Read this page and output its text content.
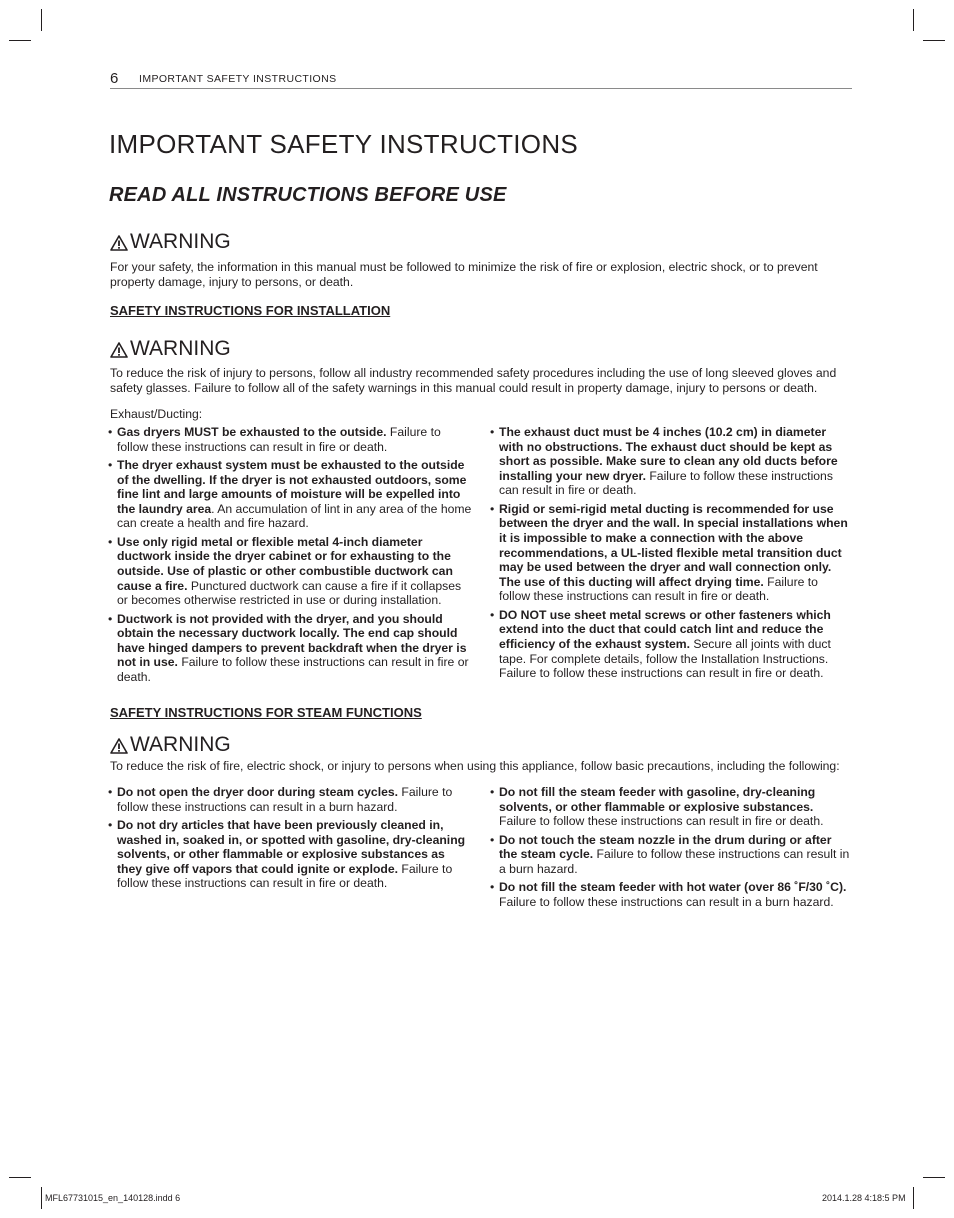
6 IMPORTANT SAFETY INSTRUCTIONS
IMPORTANT SAFETY INSTRUCTIONS
READ ALL INSTRUCTIONS BEFORE USE
WARNING

For your safety, the information in this manual must be followed to minimize the risk of fire or explosion, electric shock, or to prevent property damage, injury to persons, or death.

SAFETY INSTRUCTIONS FOR INSTALLATION

WARNING

To reduce the risk of injury to persons, follow all industry recommended safety procedures including the use of long sleeved gloves and safety glasses. Failure to follow all of the safety warnings in this manual could result in property damage, injury to persons or death.

Exhaust/Ducting:
• Gas dryers MUST be exhausted to the outside. Failure to follow these instructions can result in fire or death.
• The dryer exhaust system must be exhausted to the outside of the dwelling. If the dryer is not exhausted outdoors, some fine lint and large amounts of moisture will be expelled into the laundry area. An accumulation of lint in any area of the home can create a health and fire hazard.
• Use only rigid metal or flexible metal 4-inch diameter ductwork inside the dryer cabinet or for exhausting to the outside. Use of plastic or other combustible ductwork can cause a fire. Punctured ductwork can cause a fire if it collapses or becomes otherwise restricted in use or during installation.
• Ductwork is not provided with the dryer, and you should obtain the necessary ductwork locally. The end cap should have hinged dampers to prevent backdraft when the dryer is not in use. Failure to follow these instructions can result in fire or death.
• The exhaust duct must be 4 inches (10.2 cm) in diameter with no obstructions. The exhaust duct should be kept as short as possible. Make sure to clean any old ducts before installing your new dryer. Failure to follow these instructions can result in fire or death.
• Rigid or semi-rigid metal ducting is recommended for use between the dryer and the wall. In special installations when it is impossible to make a connection with the above recommendations, a UL-listed flexible metal transition duct may be used between the dryer and wall connection only. The use of this ducting will affect drying time. Failure to follow these instructions can result in fire or death.
• DO NOT use sheet metal screws or other fasteners which extend into the duct that could catch lint and reduce the efficiency of the exhaust system. Secure all joints with duct tape. For complete details, follow the Installation Instructions. Failure to follow these instructions can result in fire or death.

SAFETY INSTRUCTIONS FOR STEAM FUNCTIONS

WARNING

To reduce the risk of fire, electric shock, or injury to persons when using this appliance, follow basic precautions, including the following:

• Do not open the dryer door during steam cycles. Failure to follow these instructions can result in a burn hazard.
• Do not dry articles that have been previously cleaned in, washed in, soaked in, or spotted with gasoline, dry-cleaning solvents, or other flammable or explosive substances as they give off vapors that could ignite or explode. Failure to follow these instructions can result in fire or death.
• Do not fill the steam feeder with gasoline, dry-cleaning solvents, or other flammable or explosive substances. Failure to follow these instructions can result in fire or death.
• Do not touch the steam nozzle in the drum during or after the steam cycle. Failure to follow these instructions can result in a burn hazard.
• Do not fill the steam feeder with hot water (over 86 ˚F/30 ˚C). Failure to follow these instructions can result in a burn hazard.
MFL67731015_en_140128.indd 6	2014.1.28 4:18:5 PM
